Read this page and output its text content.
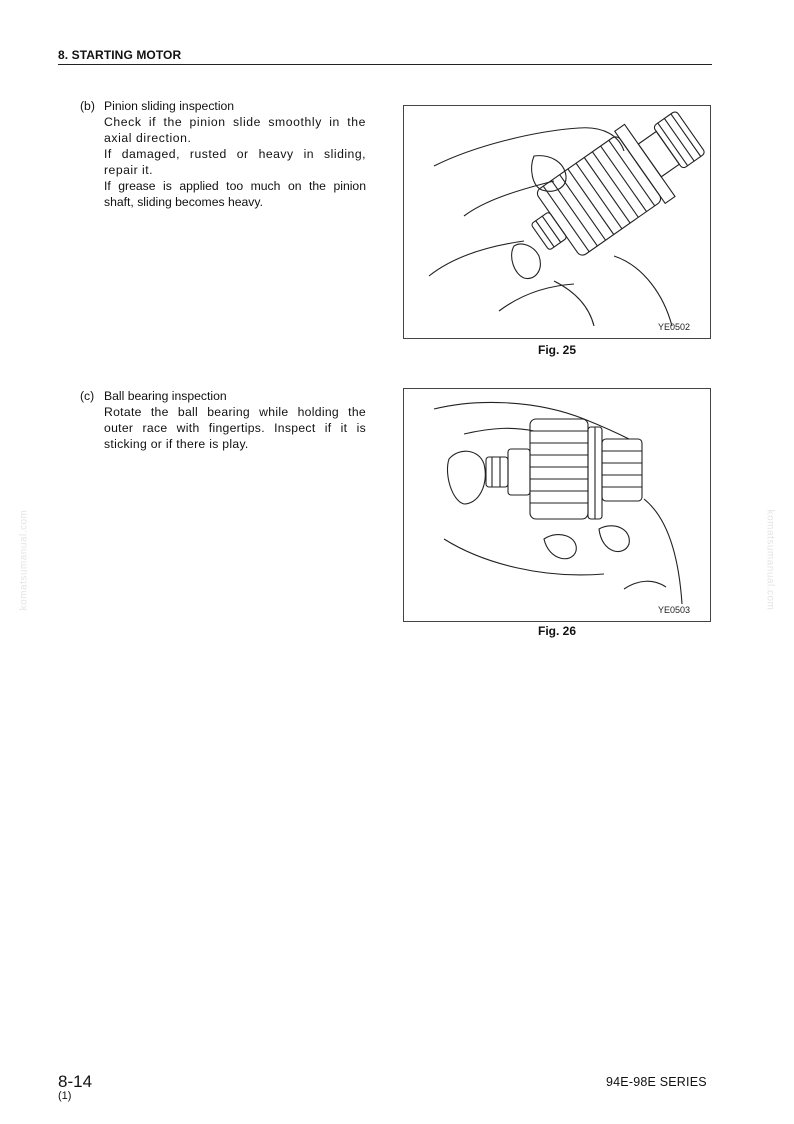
8. STARTING MOTOR
(b) Pinion sliding inspection

Check if the pinion slide smoothly in the axial direction.

If damaged, rusted or heavy in sliding, repair it.

If grease is applied too much on the pinion shaft, sliding becomes heavy.

YE0502
Fig. 25
(c) Ball bearing inspection

Rotate the ball bearing while holding the outer race with fingertips. Inspect if it is sticking or if there is play.

YE0503
Fig. 26
komatsumanual.com	komatsumanual.com
8-14
(1)
94E-98E SERIES
